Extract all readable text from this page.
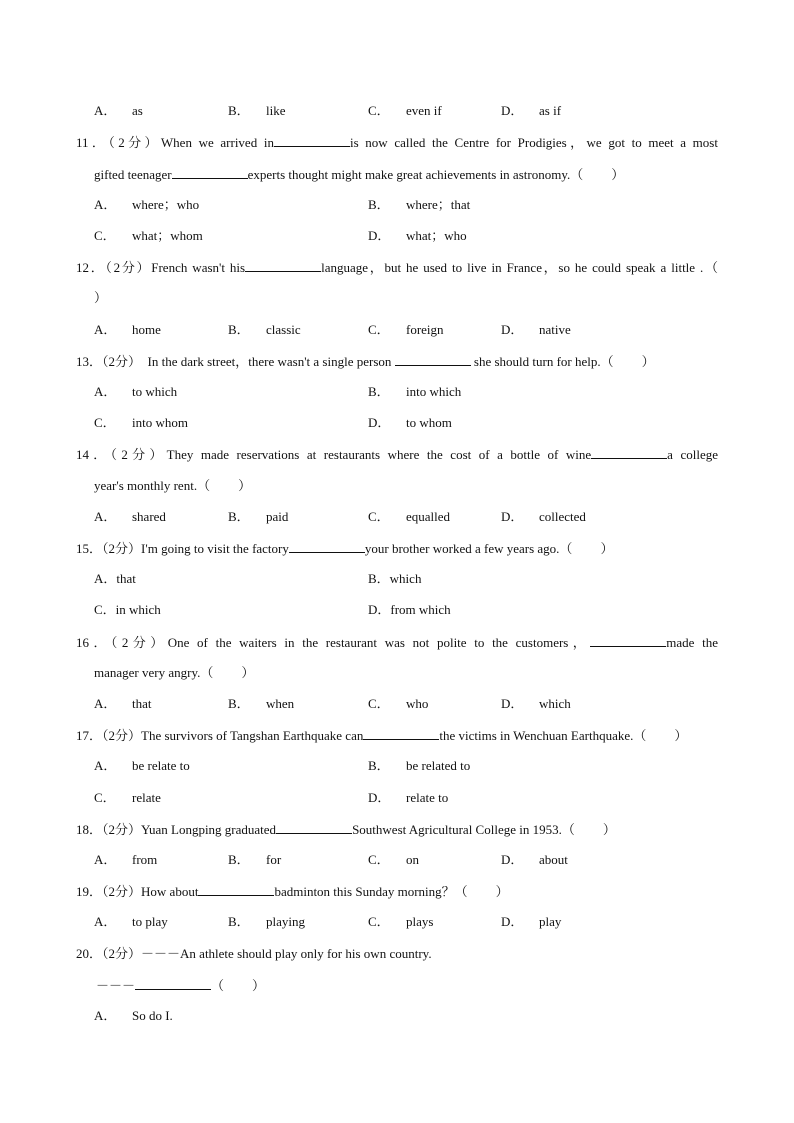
A． as	B． like	C． even if	D． as if
11．（2分）When we arrived in	is now called the Centre for Prodigies，we got to meet a most
gifted teenager	experts thought might make great achievements in astronomy.（ ）
A． where；who	B． where；that
C． what；whom	D． what；who
12．（2分）French wasn't his	language，but he used to live in France，so he could speak a little .（
）
A． home	B． classic	C． foreign	D． native
13．（2分） In the dark street，there wasn't a single person	she should turn for help.（ ）
A． to which	B． into which
C． into whom	D． to whom
14．（2分）They made reservations at restaurants where the cost of a bottle of wine	a college
year's monthly rent.（ ）
A． shared	B． paid	C． equalled	D． collected
15．（2分）I'm going to visit the factory	your brother worked a few years ago.（ ）
A．that	B．which
C．in which	D．from which
16．（2分）One of the waiters in the restaurant was not polite to the customers，	made the
manager very angry.（ ）
A． that	B． when	C． who	D． which
17．（2分）The survivors of Tangshan Earthquake can	the victims in Wenchuan Earthquake.（ ）
A． be relate to	B． be related to
C． relate	D． relate to
18．（2分）Yuan Longping graduated	Southwest Agricultural College in 1953.（ ）
A． from	B． for	C． on	D． about
19．（2分）How about	badminton this Sunday morning？（ ）
A． to play	B． playing	C． plays	D． play
20．（2分）－－－An athlete should play only for his own country.
－－－	（ ）
A． So do I.
